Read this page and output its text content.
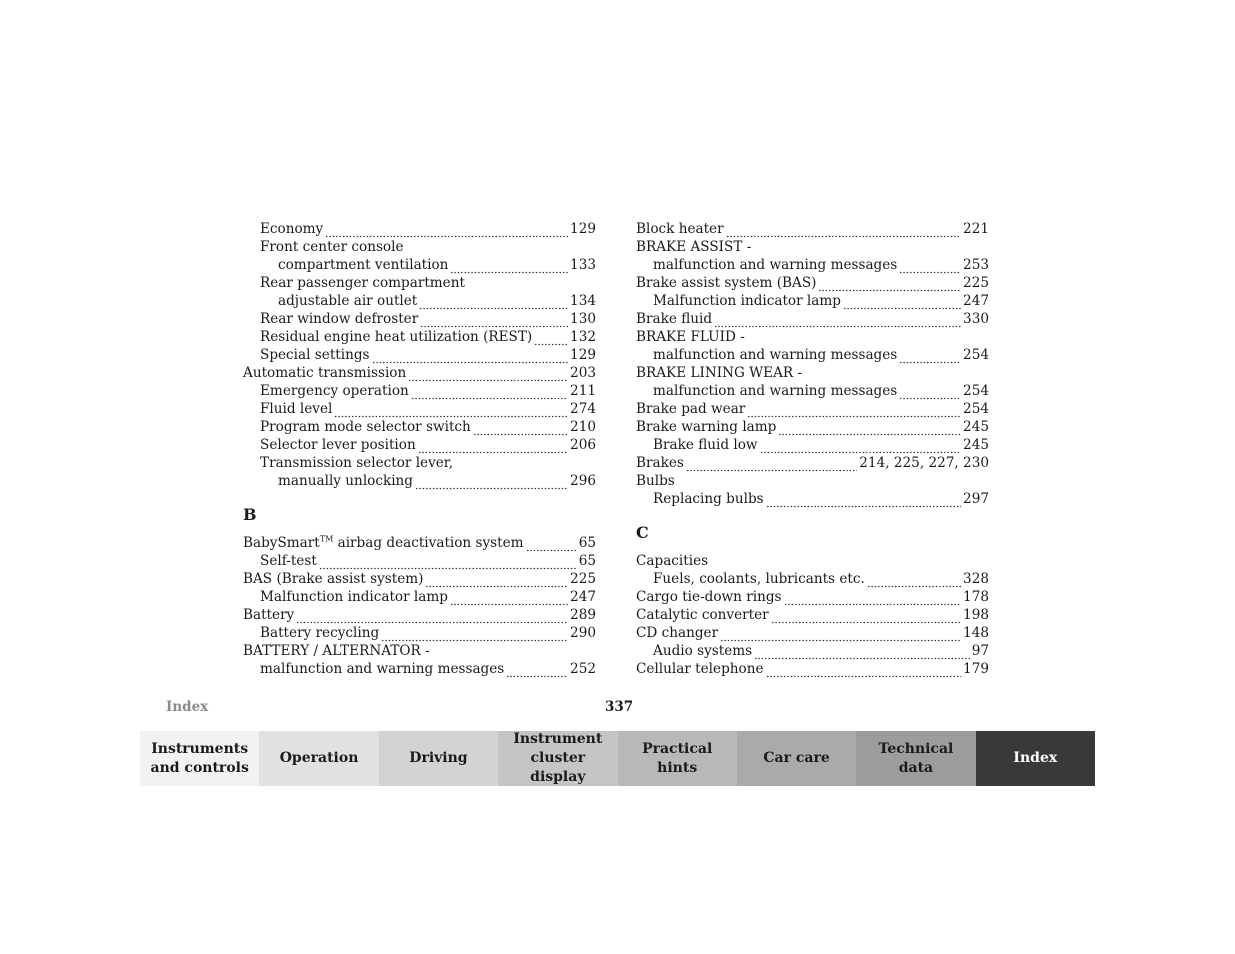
Economy	129
Front center console
compartment ventilation	133
Rear passenger compartment
adjustable air outlet	134
Rear window defroster	130
Residual engine heat utilization (REST)	132
Special settings	129
Automatic transmission	203
Emergency operation	211
Fluid level	274
Program mode selector switch	210
Selector lever position	206
Transmission selector lever,
manually unlocking	296
B
BabySmart™ airbag deactivation system	65
Self-test	65
BAS (Brake assist system)	225
Malfunction indicator lamp	247
Battery	289
Battery recycling	290
BATTERY / ALTERNATOR -
malfunction and warning messages	252
Block heater	221
BRAKE ASSIST -
malfunction and warning messages	253
Brake assist system (BAS)	225
Malfunction indicator lamp	247
Brake fluid	330
BRAKE FLUID -
malfunction and warning messages	254
BRAKE LINING WEAR -
malfunction and warning messages	254
Brake pad wear	254
Brake warning lamp	245
Brake fluid low	245
Brakes	214, 225, 227, 230
Bulbs
Replacing bulbs	297
C
Capacities
Fuels, coolants, lubricants etc.	328
Cargo tie-down rings	178
Catalytic converter	198
CD changer	148
Audio systems	97
Cellular telephone	179
Index	337
Instruments
and controls
Operation	Driving
Instrument
cluster display
Practical hints
Car care
Technical
data
Index
